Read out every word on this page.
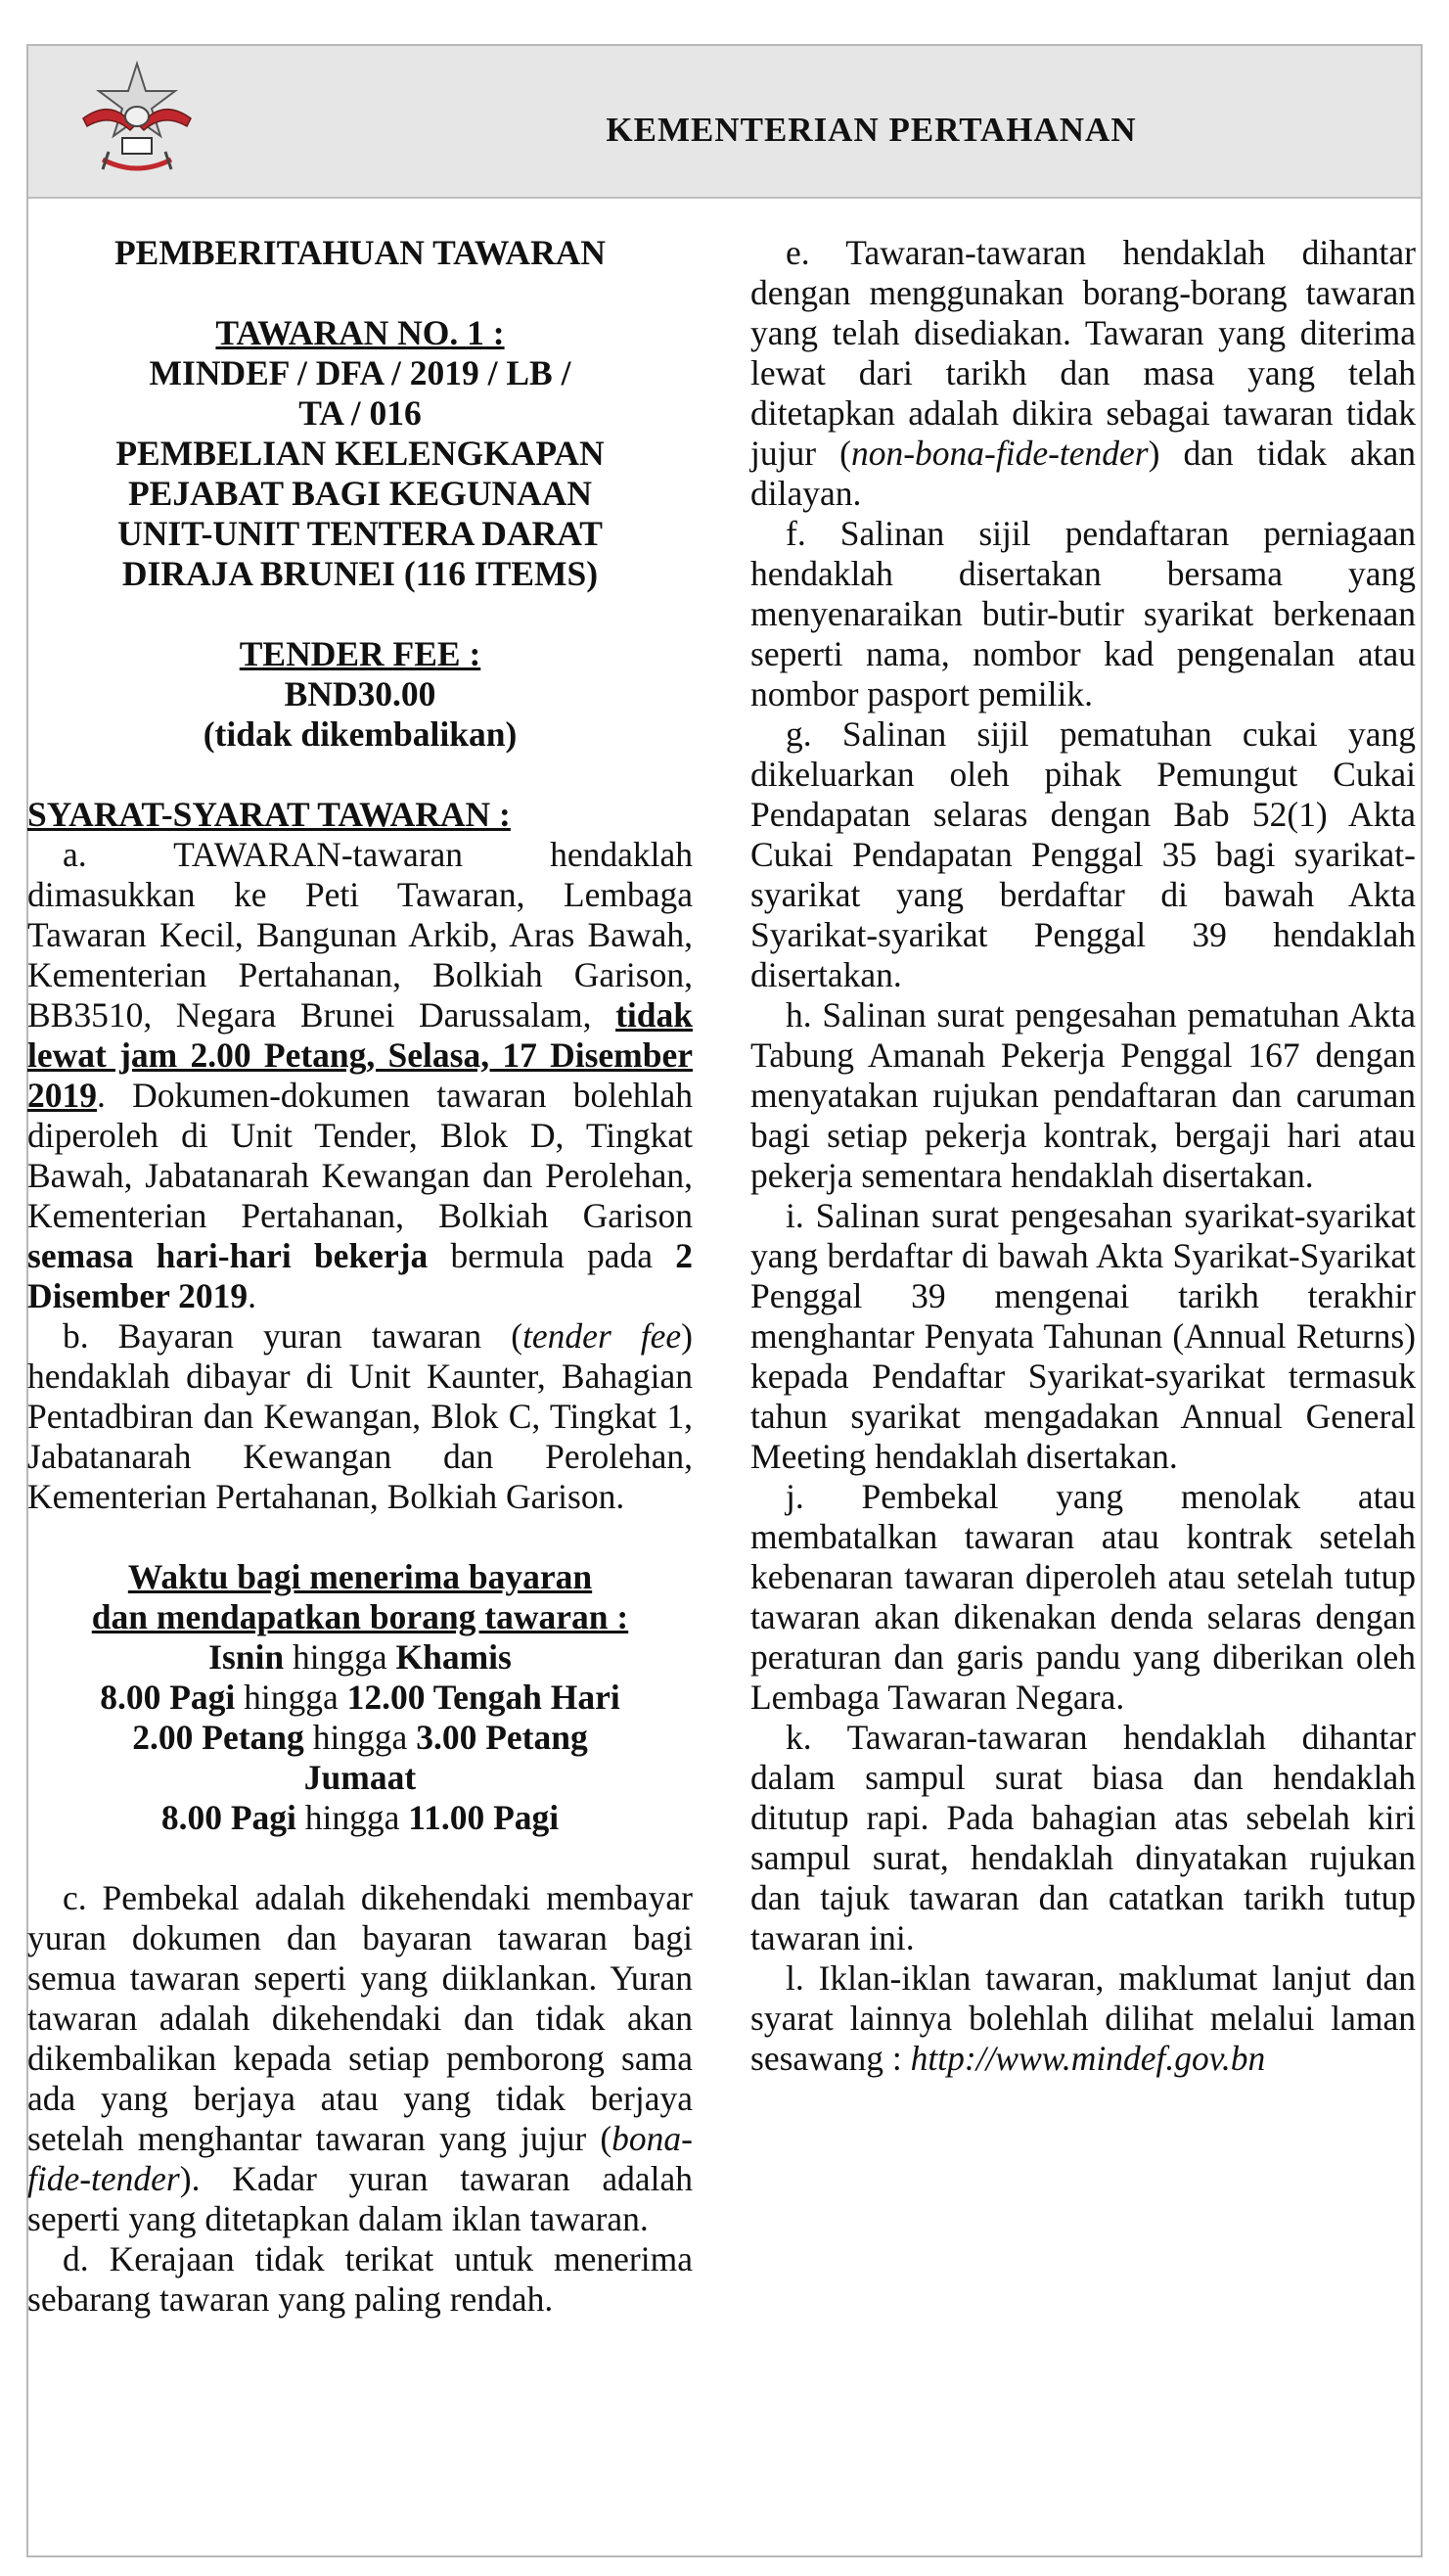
KEMENTERIAN PERTAHANAN
PEMBERITAHUAN TAWARAN
TAWARAN NO. 1 :
MINDEF / DFA / 2019 / LB /
TA / 016
PEMBELIAN KELENGKAPAN
PEJABAT BAGI KEGUNAAN
UNIT-UNIT TENTERA DARAT
DIRAJA BRUNEI (116 ITEMS)
TENDER FEE :
BND30.00
(tidak dikembalikan)

SYARAT-SYARAT TAWARAN :

a. TAWARAN-tawaran hendaklah dimasukkan ke Peti Tawaran, Lembaga Tawaran Kecil, Bangunan Arkib, Aras Bawah, Kementerian Pertahanan, Bolkiah Garison, BB3510, Negara Brunei Darussalam, tidak lewat jam 2.00 Petang, Selasa, 17 Disember 2019. Dokumen-dokumen tawaran bolehlah diperoleh di Unit Tender, Blok D, Tingkat Bawah, Jabatanarah Kewangan dan Perolehan, Kementerian Pertahanan, Bolkiah Garison semasa hari-hari bekerja bermula pada 2 Disember 2019.

b. Bayaran yuran tawaran (tender fee) hendaklah dibayar di Unit Kaunter, Bahagian Pentadbiran dan Kewangan, Blok C, Tingkat 1, Jabatanarah Kewangan dan Perolehan, Kementerian Pertahanan, Bolkiah Garison.

Waktu bagi menerima bayaran
dan mendapatkan borang tawaran :
Isnin hingga Khamis
8.00 Pagi hingga 12.00 Tengah Hari
2.00 Petang hingga 3.00 Petang
Jumaat
8.00 Pagi hingga 11.00 Pagi

c. Pembekal adalah dikehendaki membayar yuran dokumen dan bayaran tawaran bagi semua tawaran seperti yang diiklankan. Yuran tawaran adalah dikehendaki dan tidak akan dikembalikan kepada setiap pemborong sama ada yang berjaya atau yang tidak berjaya setelah menghantar tawaran yang jujur (bona-fide-tender). Kadar yuran tawaran adalah seperti yang ditetapkan dalam iklan tawaran.

d. Kerajaan tidak terikat untuk menerima sebarang tawaran yang paling rendah.

e. Tawaran-tawaran hendaklah dihantar dengan menggunakan borang-borang tawaran yang telah disediakan. Tawaran yang diterima lewat dari tarikh dan masa yang telah ditetapkan adalah dikira sebagai tawaran tidak jujur (non-bona-fide-tender) dan tidak akan dilayan.

f. Salinan sijil pendaftaran perniagaan hendaklah disertakan bersama yang menyenaraikan butir-butir syarikat berkenaan seperti nama, nombor kad pengenalan atau nombor pasport pemilik.

g. Salinan sijil pematuhan cukai yang dikeluarkan oleh pihak Pemungut Cukai Pendapatan selaras dengan Bab 52(1) Akta Cukai Pendapatan Penggal 35 bagi syarikat-syarikat yang berdaftar di bawah Akta Syarikat-syarikat Penggal 39 hendaklah disertakan.

h. Salinan surat pengesahan pematuhan Akta Tabung Amanah Pekerja Penggal 167 dengan menyatakan rujukan pendaftaran dan caruman bagi setiap pekerja kontrak, bergaji hari atau pekerja sementara hendaklah disertakan.

i. Salinan surat pengesahan syarikat-syarikat yang berdaftar di bawah Akta Syarikat-Syarikat Penggal 39 mengenai tarikh terakhir menghantar Penyata Tahunan (Annual Returns) kepada Pendaftar Syarikat-syarikat termasuk tahun syarikat mengadakan Annual General Meeting hendaklah disertakan.

j. Pembekal yang menolak atau membatalkan tawaran atau kontrak setelah kebenaran tawaran diperoleh atau setelah tutup tawaran akan dikenakan denda selaras dengan peraturan dan garis pandu yang diberikan oleh Lembaga Tawaran Negara.

k. Tawaran-tawaran hendaklah dihantar dalam sampul surat biasa dan hendaklah ditutup rapi. Pada bahagian atas sebelah kiri sampul surat, hendaklah dinyatakan rujukan dan tajuk tawaran dan catatkan tarikh tutup tawaran ini.

l. Iklan-iklan tawaran, maklumat lanjut dan syarat lainnya bolehlah dilihat melalui laman sesawang : http://www.mindef.gov.bn
